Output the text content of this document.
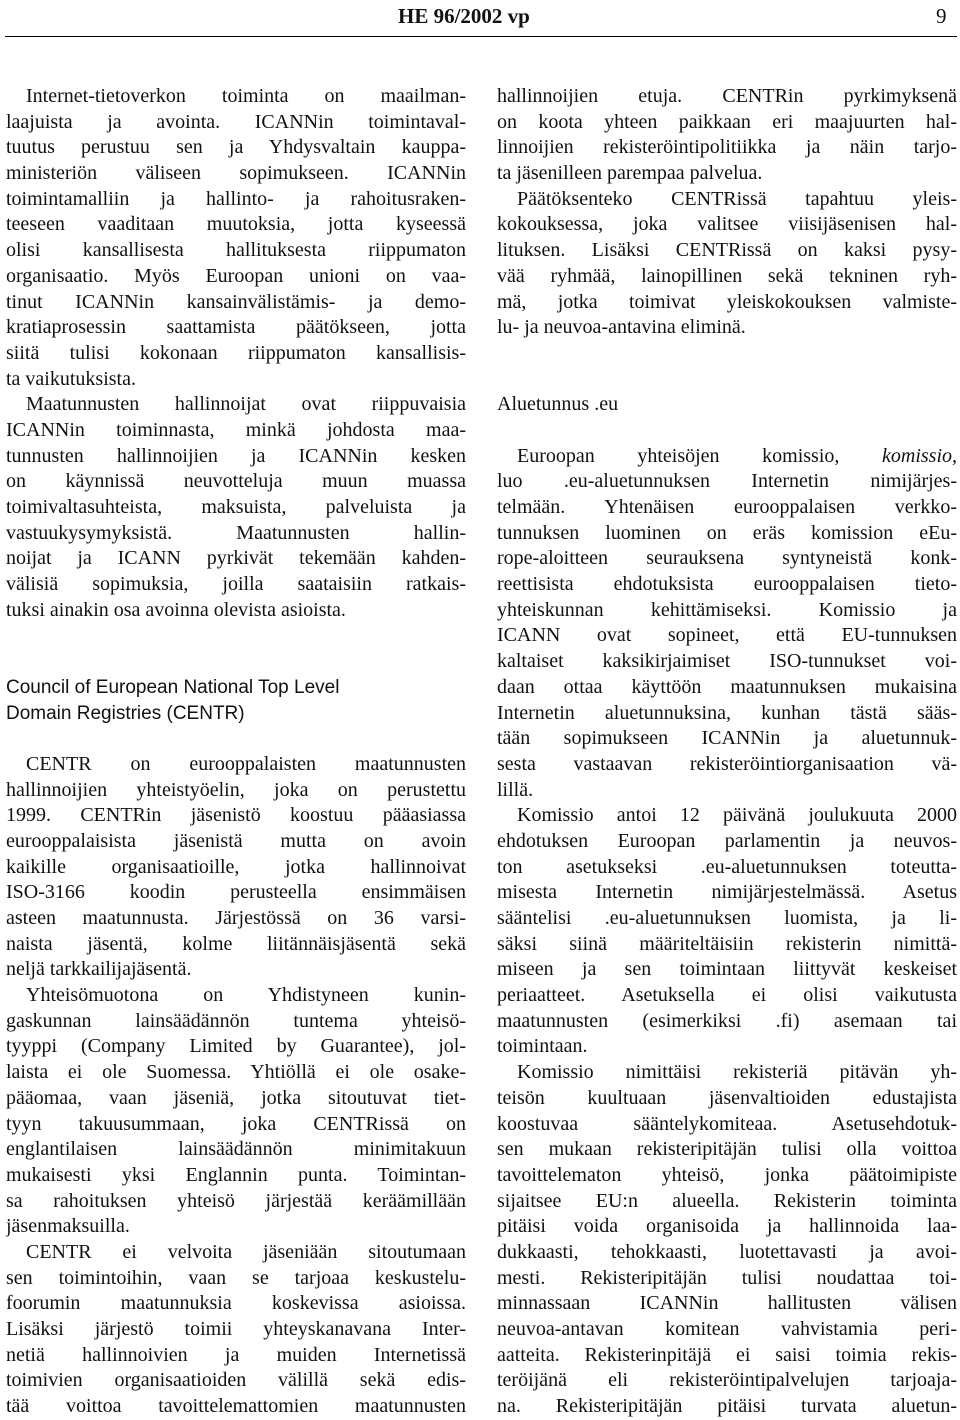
HE 96/2002 vp	9
Internet-tietoverkon toiminta on maailman-
laajuista ja avointa. ICANNin toimintaval-
tuutus perustuu sen ja Yhdysvaltain kauppa-
ministeriön väliseen sopimukseen. ICANNin
toimintamalliin ja hallinto- ja rahoitusraken-
teeseen vaaditaan muutoksia, jotta kyseessä
olisi kansallisesta hallituksesta riippumaton
organisaatio. Myös Euroopan unioni on vaa-
tinut ICANNin kansainvälistämis- ja demo-
kratiaprosessin saattamista päätökseen, jotta
siitä tulisi kokonaan riippumaton kansallisis-
ta vaikutuksista.
Maatunnusten hallinnoijat ovat riippuvaisia
ICANNin toiminnasta, minkä johdosta maa-
tunnusten hallinnoijien ja ICANNin kesken
on käynnissä neuvotteluja muun muassa
toimivaltasuhteista, maksuista, palveluista ja
vastuukysymyksistä. Maatunnusten hallin-
noijat ja ICANN pyrkivät tekemään kahden-
välisiä sopimuksia, joilla saataisiin ratkais-
tuksi ainakin osa avoinna olevista asioista.
Council of European National Top Level
Domain Registries (CENTR)
CENTR on eurooppalaisten maatunnusten
hallinnoijien yhteistyöelin, joka on perustettu
1999. CENTRin jäsenistö koostuu pääasiassa
eurooppalaisista jäsenistä mutta on avoin
kaikille organisaatioille, jotka hallinnoivat
ISO-3166 koodin perusteella ensimmäisen
asteen maatunnusta. Järjestössä on 36 varsi-
naista jäsentä, kolme liitännäisjäsentä sekä
neljä tarkkailijajäsentä.
Yhteisömuotona on Yhdistyneen kunin-
gaskunnan lainsäädännön tuntema yhteisö-
tyyppi (Company Limited by Guarantee), jol-
laista ei ole Suomessa. Yhtiöllä ei ole osake-
pääomaa, vaan jäseniä, jotka sitoutuvat tiet-
tyyn takuusummaan, joka CENTRissä on
englantilaisen lainsäädännön minimitakuun
mukaisesti yksi Englannin punta. Toimintan-
sa rahoituksen yhteisö järjestää keräämillään
jäsenmaksuilla.
CENTR ei velvoita jäseniään sitoutumaan
sen toimintoihin, vaan se tarjoaa keskustelu-
foorumin maatunnuksia koskevissa asioissa.
Lisäksi järjestö toimii yhteyskanavana Inter-
netiä hallinnoivien ja muiden Internetissä
toimivien organisaatioiden välillä sekä edis-
tää voittoa tavoittelemattomien maatunnusten
hallinnoijien etuja. CENTRin pyrkimyksenä
on koota yhteen paikkaan eri maajuurten hal-
linnoijien rekisteröintipolitiikka ja näin tarjo-
ta jäsenilleen parempaa palvelua.
Päätöksenteko CENTRissä tapahtuu yleis-
kokouksessa, joka valitsee viisijäsenisen hal-
lituksen. Lisäksi CENTRissä on kaksi pysy-
vää ryhmää, lainopillinen sekä tekninen ryh-
mä, jotka toimivat yleiskokouksen valmiste-
lu- ja neuvoa-antavina eliminä.
Aluetunnus .eu
Euroopan yhteisöjen komissio, komissio,
luo .eu-aluetunnuksen Internetin nimijärjes-
telmään. Yhtenäisen eurooppalaisen verkko-
tunnuksen luominen on eräs komission eEu-
rope-aloitteen seurauksena syntyneistä konk-
reettisista ehdotuksista eurooppalaisen tieto-
yhteiskunnan kehittämiseksi. Komissio ja
ICANN ovat sopineet, että EU-tunnuksen
kaltaiset kaksikirjaimiset ISO-tunnukset voi-
daan ottaa käyttöön maatunnuksen mukaisina
Internetin aluetunnuksina, kunhan tästä sääs-
tään sopimukseen ICANNin ja aluetunnuk-
sesta vastaavan rekisteröintiorganisaation vä-
lillä.
Komissio antoi 12 päivänä joulukuuta 2000
ehdotuksen Euroopan parlamentin ja neuvos-
ton asetukseksi .eu-aluetunnuksen toteutta-
misesta Internetin nimijärjestelmässä. Asetus
sääntelisi .eu-aluetunnuksen luomista, ja li-
säksi siinä määriteltäisiin rekisterin nimittä-
miseen ja sen toimintaan liittyvät keskeiset
periaatteet. Asetuksella ei olisi vaikutusta
maatunnusten (esimerkiksi .fi) asemaan tai
toimintaan.
Komissio nimittäisi rekisteriä pitävän yh-
teisön kuultuaan jäsenvaltioiden edustajista
koostuvaa sääntelykomiteaa. Asetusehdotuk-
sen mukaan rekisteripitäjän tulisi olla voittoa
tavoittelematon yhteisö, jonka päätoimipiste
sijaitsee EU:n alueella. Rekisterin toiminta
pitäisi voida organisoida ja hallinnoida laa-
dukkaasti, tehokkaasti, luotettavasti ja avoi-
mesti. Rekisteripitäjän tulisi noudattaa toi-
minnassaan ICANNin hallitusten välisen
neuvoa-antavan komitean vahvistamia peri-
aatteita. Rekisterinpitäjä ei saisi toimia rekis-
teröijänä eli rekisteröintipalvelujen tarjoaja-
na. Rekisteripitäjän pitäisi turvata aluetun-
